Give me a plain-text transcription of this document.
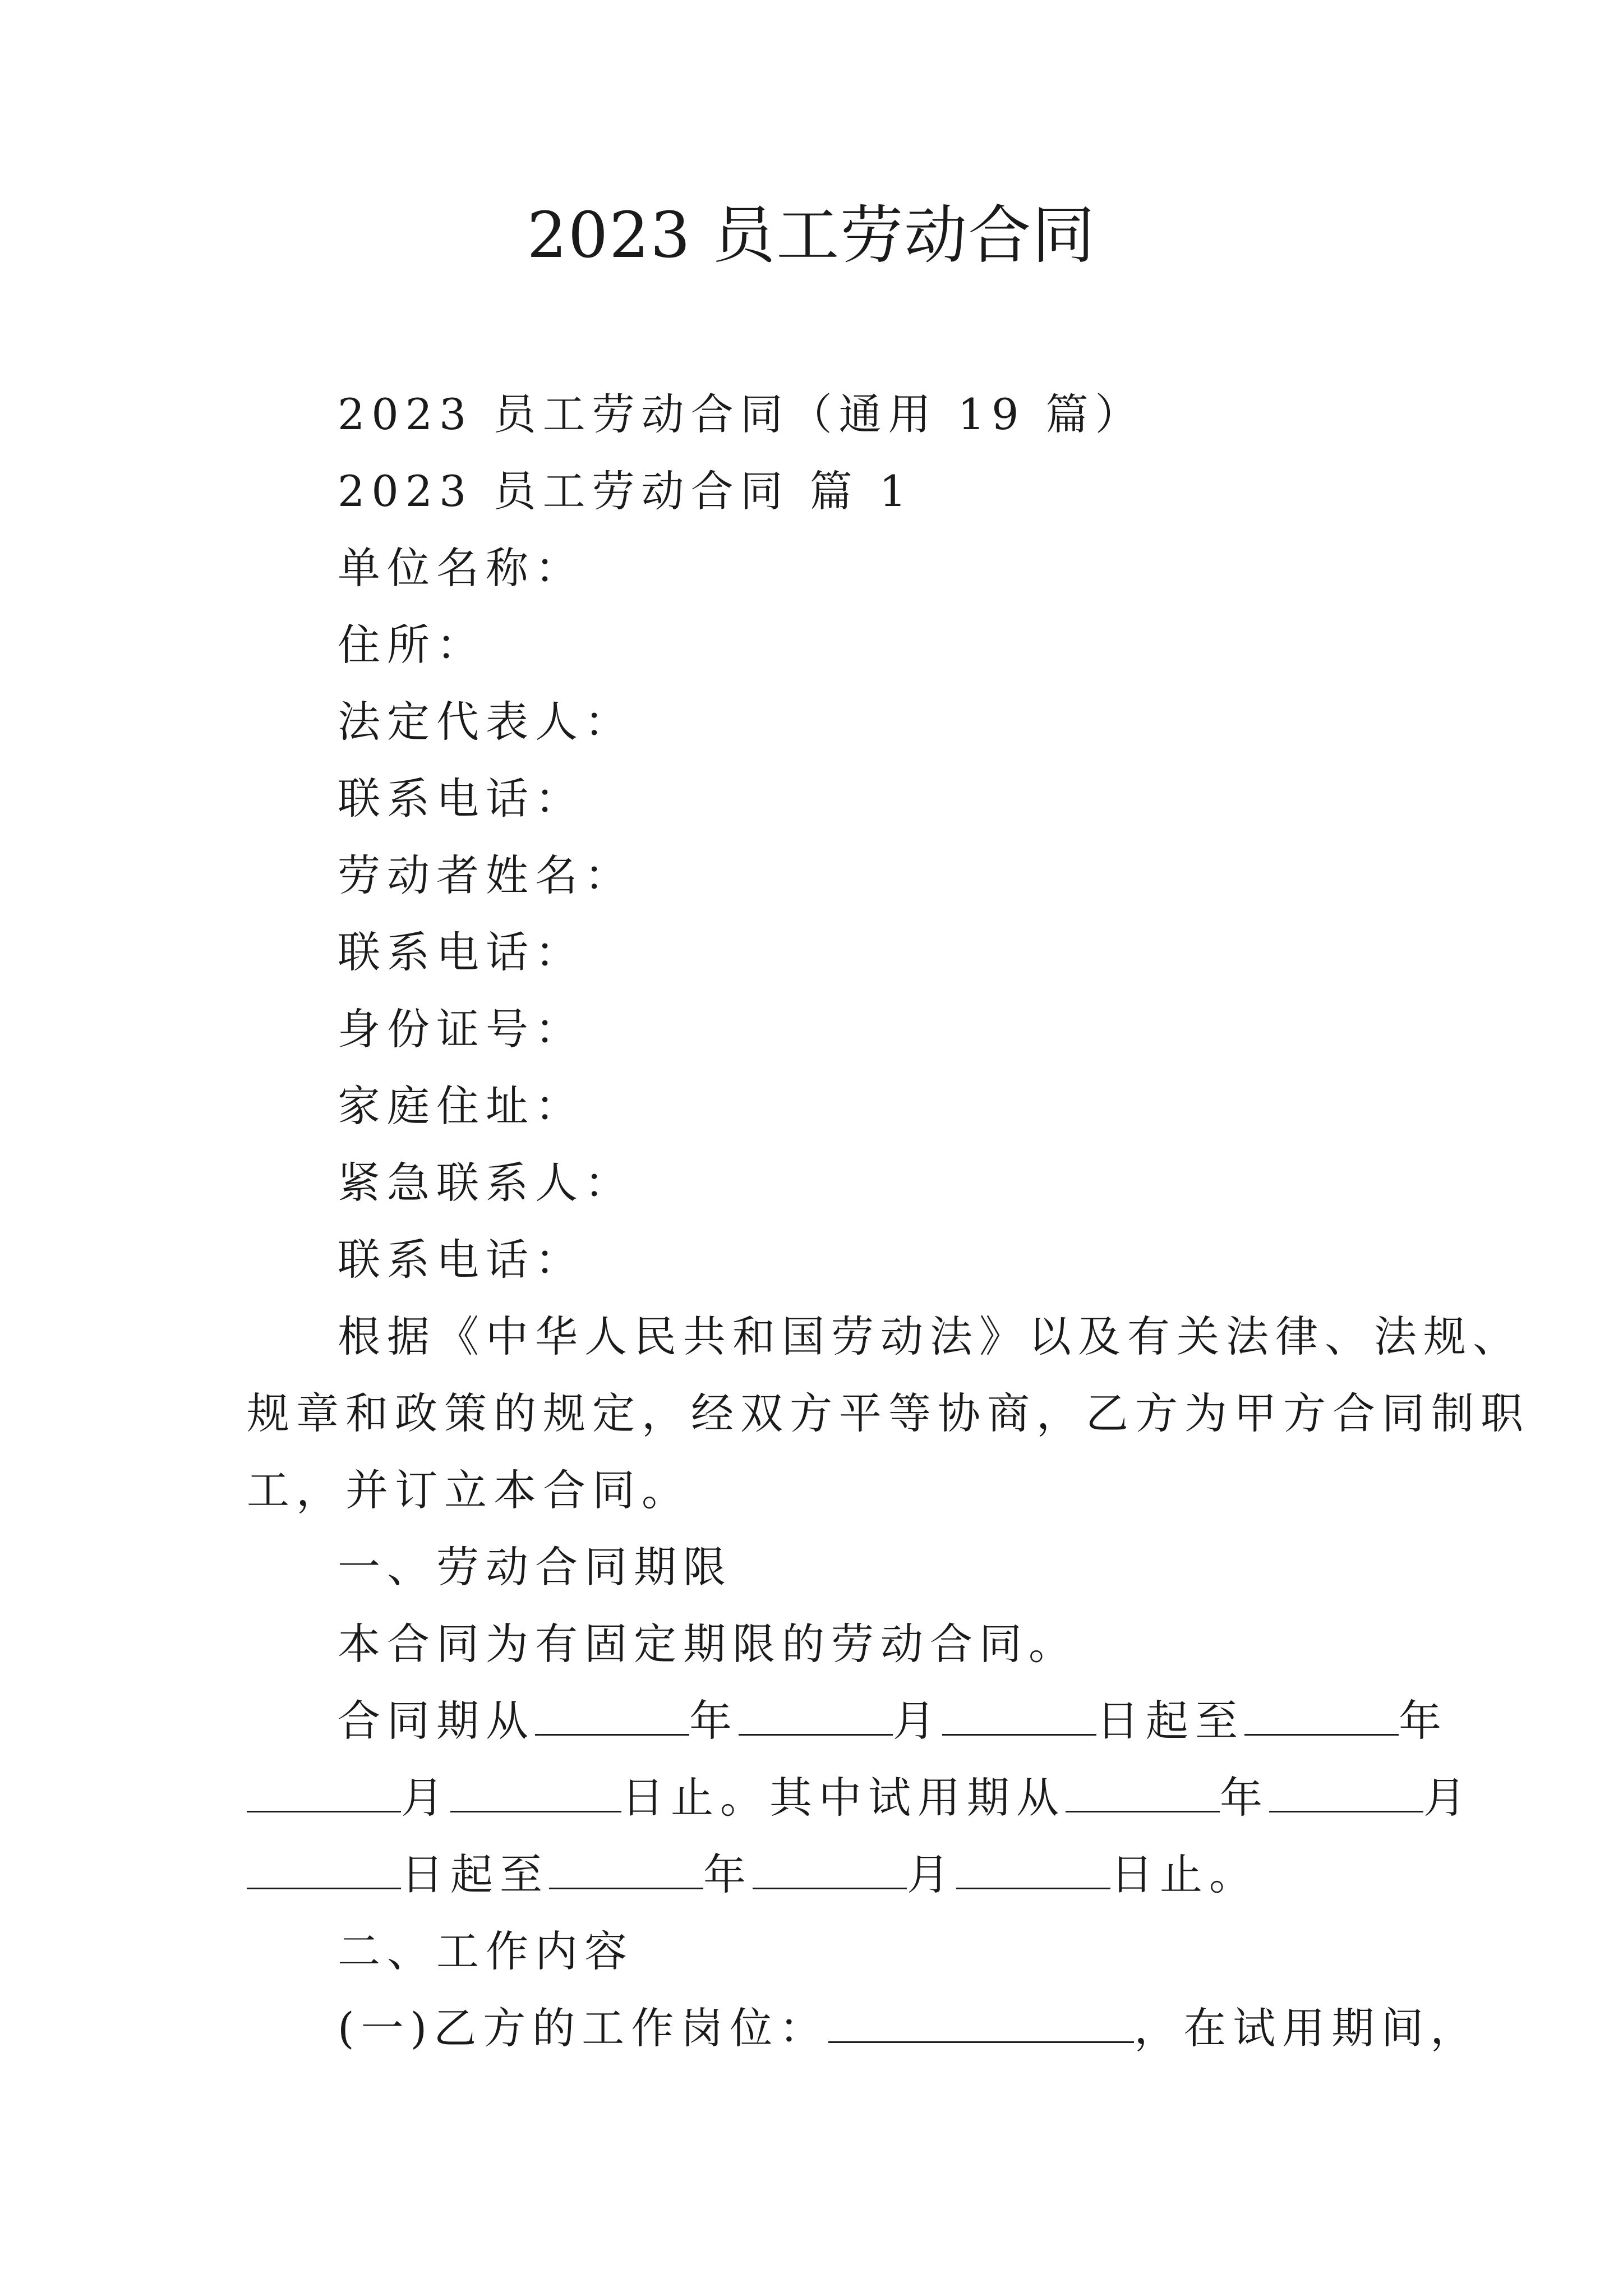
2023 员工劳动合同
2023 员工劳动合同（通用 19 篇）
2023 员工劳动合同 篇 1
单位名称：
住所：
法定代表人：
联系电话：
劳动者姓名：
联系电话：
身份证号：
家庭住址：
紧急联系人：
联系电话：
根据《中华人民共和国劳动法》以及有关法律、法规、
规章和政策的规定，经双方平等协商，乙方为甲方合同制职
工，并订立本合同。
一、劳动合同期限
本合同为有固定期限的劳动合同。
合同期从	年	月	日起至	年
月	日止。其中试用期从	年	月
日起至	年	月	日止。
二、工作内容
(一)乙方的工作岗位：	，在试用期间，
